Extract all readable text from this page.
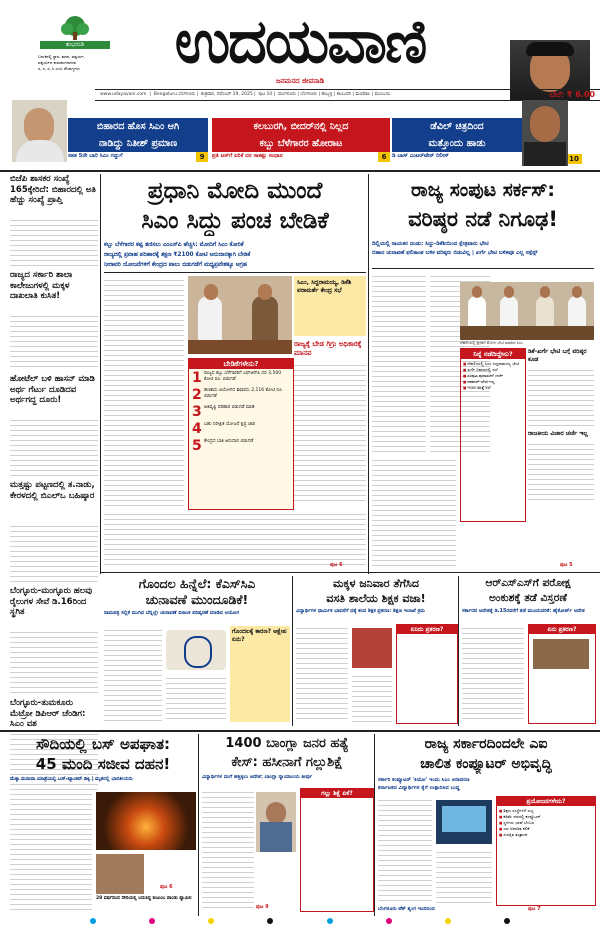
ಶುಭನುಡಿ
ಬದುಕಿನಲ್ಲಿ ಸ್ಥಾನ, ಮಾನ, ಐಶ್ವರ್ಯ,
ಐಶ್ವರ್ಯದ ಕುರುಹುಗಳಾಗುವ
ಸ, ಸ, ಸ, ಸಿ ಎಂಬ ಸೌಭಾಗ್ಯಗಳು	ಉದಯವಾಣಿ
ಜನಮನದ ಜೀವನಾಡಿ
www.udayavani.com  |  Bengaluru ಬೆಂಗಳೂರು |  ಶುಕ್ರವಾರ, ನವೆಂಬರ್ 19, 2025 |  ಪುಟ 10 |  ಮಂಗಳೂರು | ಬೆಂಗಳೂರು | ಹುಬ್ಬಳ್ಳಿ | ಕಲಬುರಗಿ | ಮಣಿಪಾಲ | ಮುಂಬಯಿ	ಬೆಲೆ: ₹ 6.00
ಬಿಹಾರದ ಹೊಸ ಸಿಎಂ ಆಗಿ
ನಾಡಿದ್ದು ನಿತೀಶ್ ಪ್ರಮಾಣ
ಸತತ 5ನೇ ಬಾರಿ ಸಿಎಂ ಗದ್ದುಗೆ	9
ಕಲಬುರಗಿ, ಬೀದರ್‌ನಲ್ಲಿ ನಿಲ್ಲದ
ಕಬ್ಬು ಬೆಳೆಗಾರರ ಹೋರಾಟ
ಪ್ರತಿ ಟನ್‌ಗೆ ಏರಿಕೆ ದರ ಸಾಕಷ್ಟು ಸಂಧಾನ	6
ಡೆವಿಲ್ ಚಿತ್ರದಿಂದ
ಮತ್ತೊಂದು ಹಾಡು
ಡಿ ಬಾಸ್ ಎಂಟರ್‌ಟೇನ್ ರಿಲೀಸ್	10
ಬಿಜೆಪಿ ಶಾಸಕರ ಸಂಖ್ಯೆ 165ಕ್ಕೇರಿದೆ: ಬಿಹಾರದಲ್ಲಿ ಅತಿ ಹೆಚ್ಚು ಸಂಖ್ಯೆ ಪ್ರಾಪ್ತಿ
ರಾಜ್ಯದ ಸರ್ಕಾರಿ ಶಾಲಾ ಕಾಲೇಜುಗಳಲ್ಲಿ ಮಕ್ಕಳ ದಾಖಲಾತಿ ಕುಸಿತ!
ಹೋಟೆಲ್ ಬಳಿ ಹಾಸನ್ ಮಾಡಿ ಅರ್ಥ ಗೆರ್ಟು ದೂಡಿದವ ಅರ್ಥಗದ್ದ ದೂರು!
ಮತ್ತಷ್ಟು ಪಟ್ಟಣದಲ್ಲಿ ತ.ನಾಡು, ಕೇರಳದಲ್ಲಿ ಬಿಎಲ್‌ಒ ಬಹಿಷ್ಕಾರ
ಬೆಂಗ್ಳೂರು-ಮಂಗ್ಳೂರು ಹಲವು ರೈಲುಗಳ ಸೇವೆ ಡಿ.16ರಿಂದ ಸ್ಥಗಿತ
ಬೆಂಗ್ಳೂರು-ತುಮಕೂರು ಮೆಟ್ರೋ ಡಿಪಿಆರ್ ಚೆಂಡಿಗ: ಸಿಎಂ ವಶ
ಪ್ರಧಾನಿ ಮೋದಿ ಮುಂದೆ
ಸಿಎಂ ಸಿದ್ದು ಪಂಚ ಬೇಡಿಕೆ
ಕಬ್ಬು ಬೆಳೆಗಾರರ ಕಷ್ಟ ತಣಿಸಲು ಎಂಎಸ್‌ಪಿ ಹೆಚ್ಚಿಸಿ: ಮೋದಿಗೆ ಸಿಎಂ ಕೋರಿಕೆ
ರಾಜ್ಯದಲ್ಲಿ ಪ್ರವಾಹ ಪರಿಹಾರಕ್ಕೆ ತಕ್ಷಣ ₹2100 ಕೋಟಿ ಅನುದಾನಕ್ಕಾಗಿ ಬೇಡಿಕೆ
ನೀರಾವರಿ ಯೋಜನೆಗಳಿಗೆ ಕೇಂದ್ರದ ಪಾಲು ಬಿಡುಗಡೆಗೆ ಮಧ್ಯಪ್ರವೇಶಕ್ಕೂ ಆಗ್ರಹ
ಸಿಎಂ, ಸಿದ್ದರಾಮಯ್ಯ, ಡಿಕೆಶಿ ಪರಾಮರ್ಶೆ ಕೇಂದ್ರ ಸಭೆ
ಬೇಡಿಕೆಗಳೇನು?
1 ರಾಜ್ಯದ ಕಬ್ಬು ಬೆಳೆಗಾರರಿಗೆ ಎಫ್‌ಆರ್‌ಪಿ ದರ 3,500 ಕೋಟಿ ರೂ. ಬಿಡುಗಡೆ
2 ಹಣಕಾಸು ಆಯೋಗದ ಶಿಫಾರಸು 2,116 ಕೋಟಿ ರೂ. ಬಿಡುಗಡೆ
3 ಅತಿವೃಷ್ಟಿ ಪರಿಹಾರ ಬಿಡುಗಡೆ ಮಾಡಿ
4 ಬಹು ನಿರೀಕ್ಷಿತ ಯೋಜನೆ ಕ್ಷಿಪ್ರ ಜಾರಿ
5 ಕೇಂದ್ರದ ಬಾಕಿ ಅನುದಾನ ಬಿಡುಗಡೆ
ರಾಜ್ಯಕ್ಕೆ ಬೇಡ ಗಿಗ್ರು ಅಧಿಕಾರಕ್ಕೆ ಮಾನವ
ಪುಟ 6
ರಾಜ್ಯ ಸಂಪುಟ ಸರ್ಕಸ್:
ವರಿಷ್ಠರ ನಡೆ ನಿಗೂಢ!
ದಿಲ್ಲಿಯಲ್ಲಿ ನಾಯಕರ ದಂಡು: ಸಿದ್ದು-ಡಿಕೆಶಿಯಿಂದ ಕ್ಷೇತ್ರವಾರು ಭೇಟಿ
ಬಿಹಾರ ಚುನಾವಣೆ ಫಲಿತಾಂಶ ಬಳಿಕ ವರಿಷ್ಠರು ಬಿಡುವಿಲ್ಲ | ಖರ್ಗೆ ಭೇಟಿ ಬಳಿಕವೂ ಎಲ್ಲ ಸಸ್ಪೆನ್ಸ್
ದೆಹಲಿಯಲ್ಲಿ ಪ್ರಧಾನಿ ಮೋದಿ ಭೇಟಿ ಮಾಡಿದ ಸಿಎಂ
ನಿನ್ನೆ ನಡೆದಿದ್ದೇನು?
■ ದೆಹಲಿಯಲ್ಲಿ ಸಿಎಂ ಸಿದ್ದರಾಮಯ್ಯ ಭೇಟಿ
■ ಖರ್ಗೆ ನಿವಾಸದಲ್ಲಿ ಸಭೆ
■ ಸಂಪುಟ ಪುನಾರಚನೆ ಚರ್ಚೆ
■ ರಾಹುಲ್ ಭೇಟಿ ಇಲ್ಲ
■ ಇಂದು ಮತ್ತೆ ಸಭೆ
ಡಿಕೆ-ಖರ್ಗೆ ಭೇಟಿ ಬಗ್ಗೆ ವರಿಷ್ಠರ ಕೂಡ
ರಾಜಕೀಯ ವಿಚಾರ ಚರ್ಚೆ ಇಲ್ಲ
ಪುಟ 5
ಗೊಂದಲ ಹಿನ್ನೆಲೆ: ಕೆಎಸ್‌ಸಿಎ
ಚುನಾವಣೆ ಮುಂದೂಡಿಕೆ!
ನಾಮಪತ್ರ ಸಲ್ಲಿಕೆ ಮುಗಿದ ಬೆನ್ನಲ್ಲೇ ಚುನಾವಣೆ ದಿನಾಂಕ ಪರಿಷ್ಕರಣೆ ಮಾಡಿದ ಆಯೋಗ
ಗೊಂದಲಕ್ಕೆ ಕಾರಣ? ಆಕ್ಷೇಪ ಏನು?
ಮಕ್ಕಳ ಜನಿವಾರ ತೆಗೆಸಿದ
ವಸತಿ ಶಾಲೆಯ ಶಿಕ್ಷಕ ವಜಾ!
ವಿದ್ಯಾರ್ಥಿಗಳ ಧಾರ್ಮಿಕ ಭಾವನೆಗೆ ಧಕ್ಕೆ ತಂದ ಶಿಕ್ಷಕ ಪ್ರಕರಣ: ಶಿಕ್ಷಣ ಇಲಾಖೆ ಕ್ರಮ
ಏನಿದು ಪ್ರಕರಣ?
ಆರ್‌ಎಸ್‌ಎಸ್‌ಗೆ ಪರೋಕ್ಷ
ಅಂಕುಶಕ್ಕೆ ತಡೆ ವಿಸ್ತರಣೆ
ಸರ್ಕಾರದ ಆದೇಶಕ್ಕೆ ಡಿ.15ರವರೆಗೆ ತಡೆ ಮುಂದುವರಿಕೆ: ಹೈಕೋರ್ಟ್ ಆದೇಶ
ಏನು ಪ್ರಕರಣ?
ಸೌದಿಯಲ್ಲಿ ಬಸ್ ಅಪಘಾತ:
45 ಮಂದಿ ಸಜೀವ ದಹನ!
ಮೆಕ್ಕಾ ಮದೀನಾ ಯಾತ್ರೆಯಲ್ಲಿ ಬಸ್-ಟ್ಯಾಂಕರ್ ಡಿಕ್ಕಿ | ಮೃತರಲ್ಲಿ ಭಾರತೀಯರು
28 ವರ್ಷದಿಂದ ಸೌದಿಯಲ್ಲಿ ಬದುಕಿದ್ದ ಕುಟುಂಬ ಪಾಂಡು ಫ್ಯಾಮಿಲಿ
ಪುಟ 6
1400 ಬಾಂಗ್ಲಾ ಜನರ ಹತ್ಯೆ
ಕೇಸ್: ಹಸೀನಾಗೆ ಗಲ್ಲುಶಿಕ್ಷೆ
ವಿದ್ಯಾರ್ಥಿಗಳ ದಂಗೆ ಹತ್ತಿಕ್ಕಲು ಆದೇಶ: ಬಾಂಗ್ಲಾ ನ್ಯಾಯಾಲಯ ತೀರ್ಪು
ಗಲ್ಲು ಶಿಕ್ಷೆ ಏಕೆ?
ಪುಟ 9
ರಾಜ್ಯ ಸರ್ಕಾರದಿಂದಲೇ ಎಐ
ಚಾಲಿತ ಕಂಪ್ಯೂಟರ್ ಅಭಿವೃದ್ಧಿ
ಸರ್ಕಾರಿ ಕಂಪ್ಯೂಟರ್ 'ಕಿಯೋ' ಇಂದು ಸಿಎಂ ಅನಾವರಣ
ಕರ್ನಾಟಕದ ವಿದ್ಯಾರ್ಥಿಗಳ ಕೈಗೆ ಉತ್ಪಾದಿಸಿದ ಬುದ್ಧ
ಪ್ರಯೋಜನಗಳೇನು?
■ ಶಿಕ್ಷಣ ಸಂಸ್ಥೆಗಳಿಗೆ ಲಭ್ಯ
■ ಕಡಿಮೆ ದರದಲ್ಲಿ ಕಂಪ್ಯೂಟರ್
■ ಸ್ಥಳೀಯ ಭಾಷೆ ಬೆಂಬಲ
■ ಎಐ ಆಧಾರಿತ ಕಲಿಕೆ
■ ಸುರಕ್ಷಿತ ತಂತ್ರಾಂಶ
ಬೆಂಗಳೂರು ಟೆಕ್ ಶೃಂಗ ಇಂದಿನಿಂದ	ಪುಟ 7
